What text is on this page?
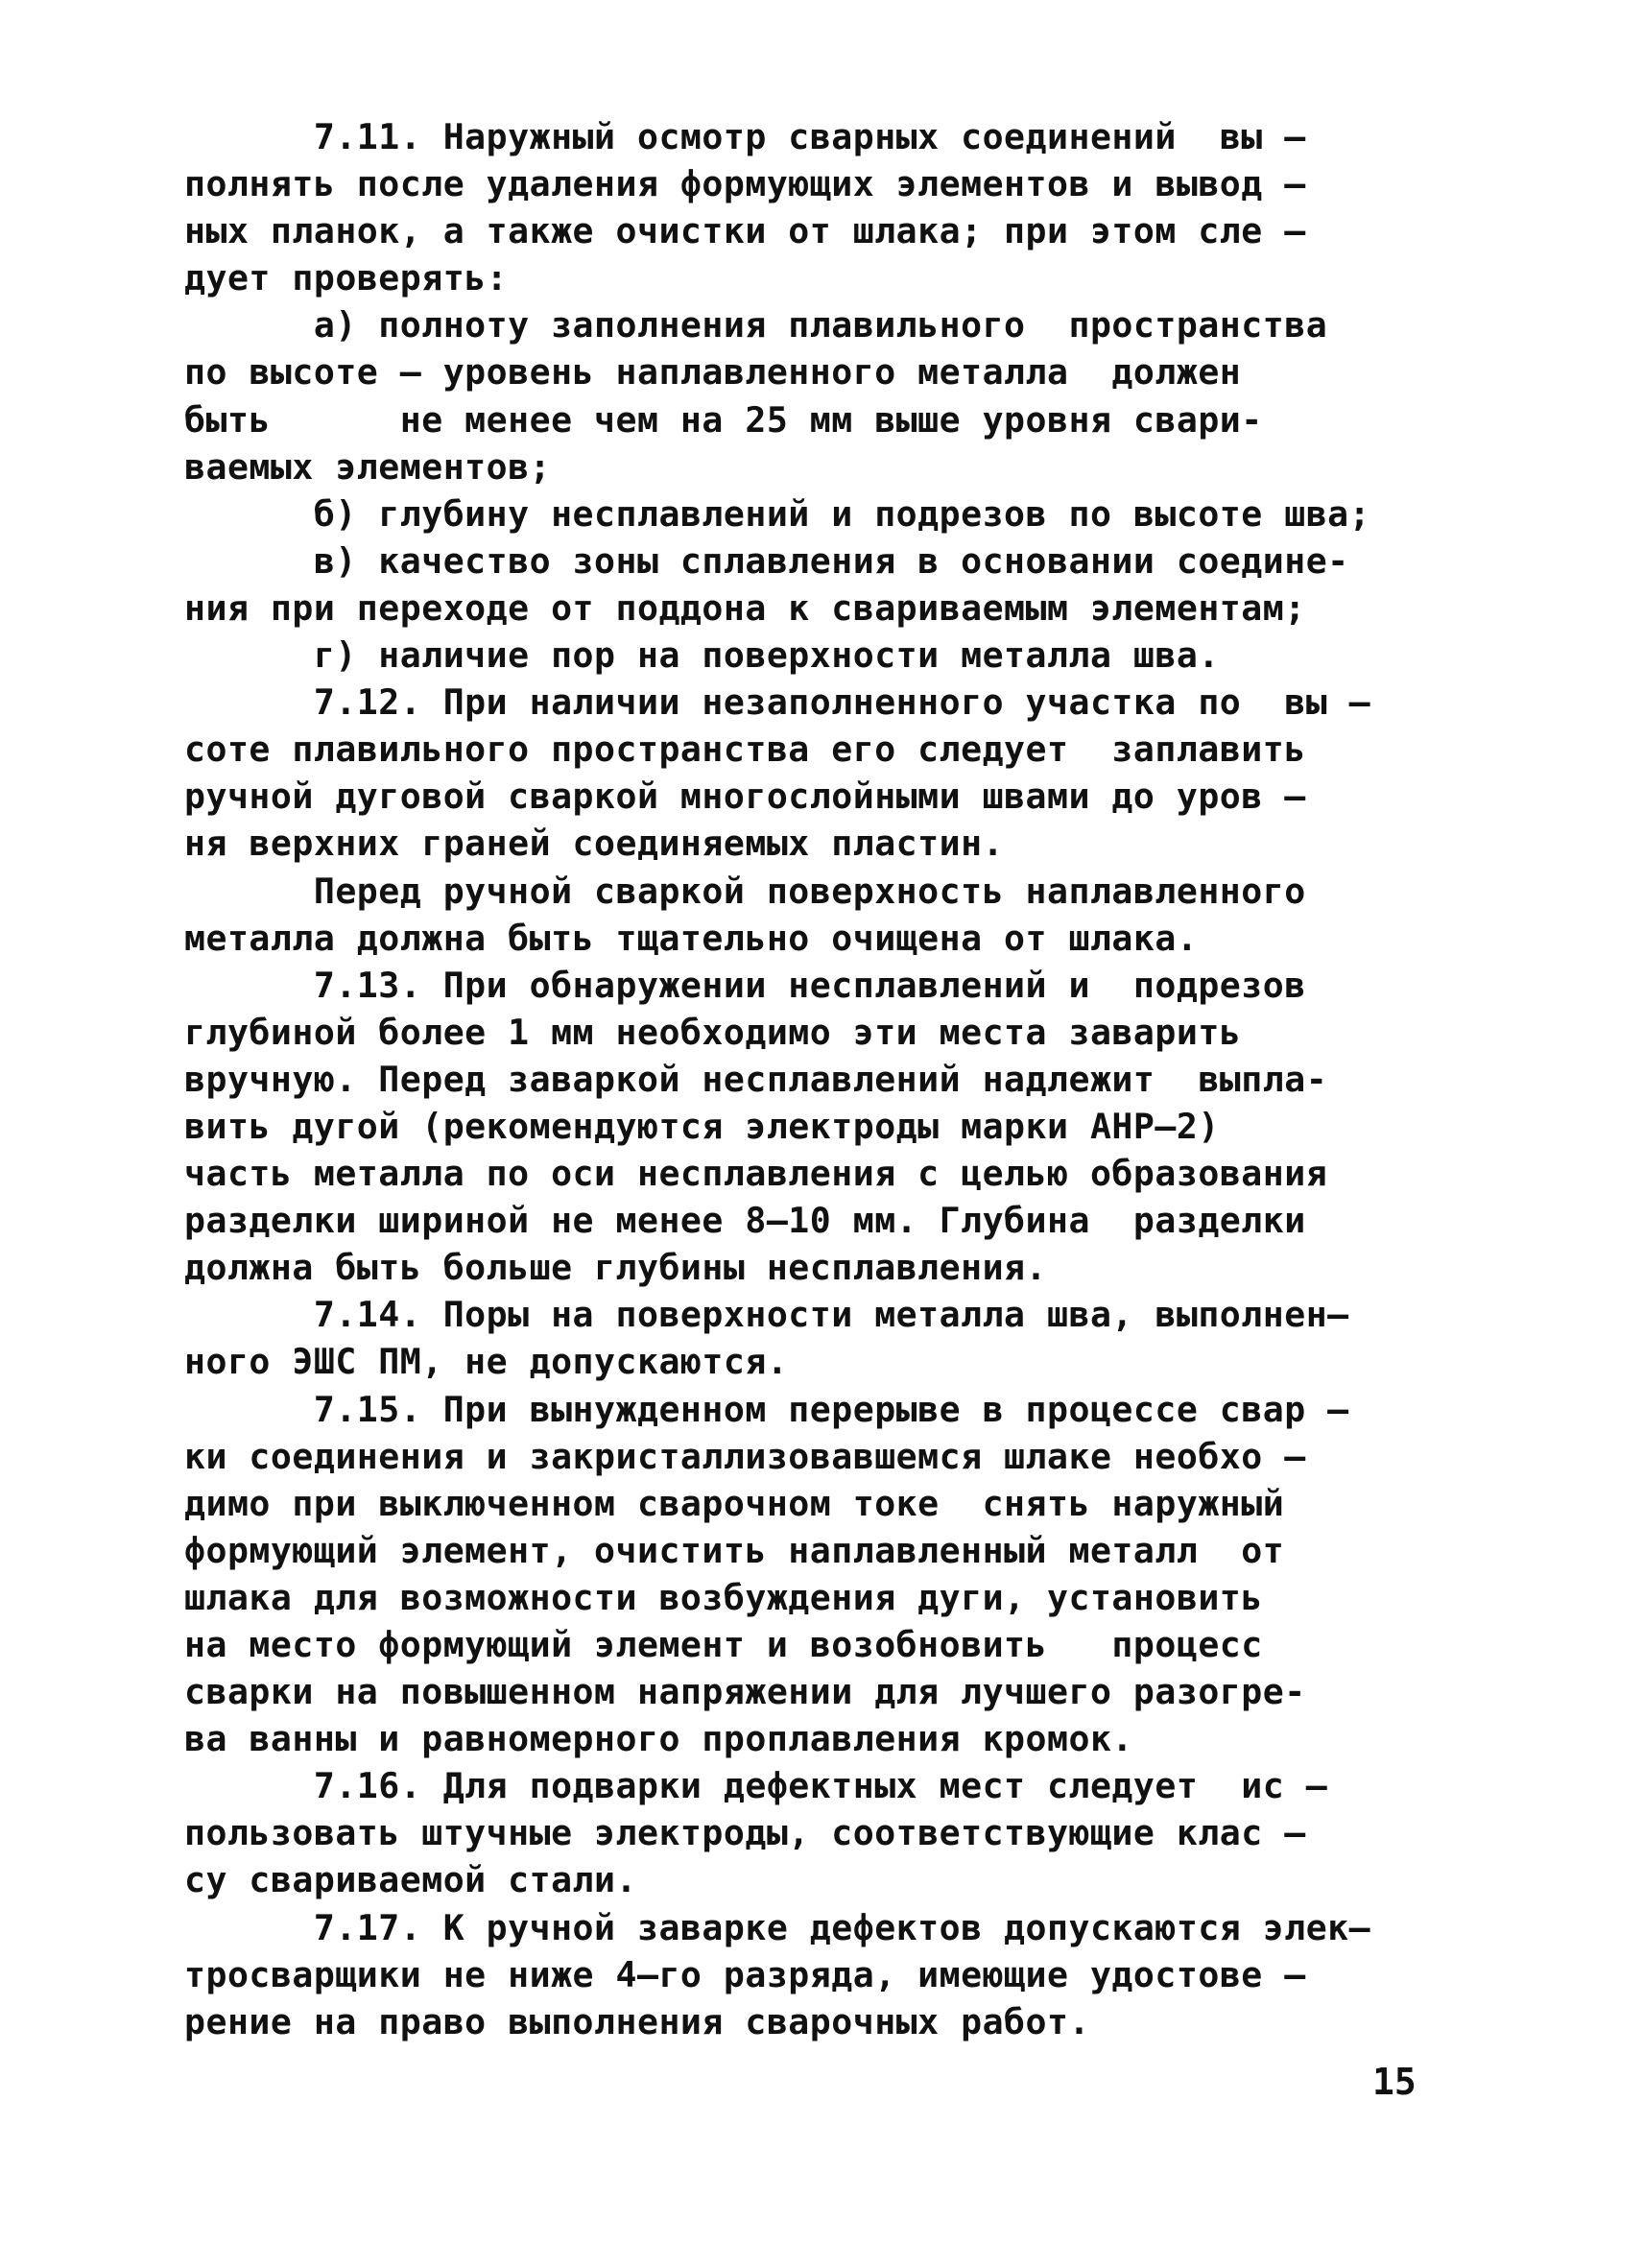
7.11. Наружный осмотр сварных соединений  вы –
полнять после удаления формующих элементов и вывод –
ных планок, а также очистки от шлака; при этом сле –
дует проверять:
а) полноту заполнения плавильного  пространства
по высоте – уровень наплавленного металла  должен
быть      не менее чем на 25 мм выше уровня свари-
ваемых элементов;
б) глубину несплавлений и подрезов по высоте шва;
в) качество зоны сплавления в основании соедине-
ния при переходе от поддона к свариваемым элементам;
г) наличие пор на поверхности металла шва.
7.12. При наличии незаполненного участка по  вы –
соте плавильного пространства его следует  заплавить
ручной дуговой сваркой многослойными швами до уров –
ня верхних граней соединяемых пластин.
Перед ручной сваркой поверхность наплавленного
металла должна быть тщательно очищена от шлака.
7.13. При обнаружении несплавлений и  подрезов
глубиной более 1 мм необходимо эти места заварить
вручную. Перед заваркой несплавлений надлежит  выпла-
вить дугой (рекомендуются электроды марки АНР–2)
часть металла по оси несплавления с целью образования
разделки шириной не менее 8–10 мм. Глубина  разделки
должна быть больше глубины несплавления.
7.14. Поры на поверхности металла шва, выполнен–
ного ЭШС ПМ, не допускаются.
7.15. При вынужденном перерыве в процессе свар –
ки соединения и закристаллизовавшемся шлаке необхо –
димо при выключенном сварочном токе  снять наружный
формующий элемент, очистить наплавленный металл  от
шлака для возможности возбуждения дуги, установить
на место формующий элемент и возобновить   процесс
сварки на повышенном напряжении для лучшего разогре-
ва ванны и равномерного проплавления кромок.
7.16. Для подварки дефектных мест следует  ис –
пользовать штучные электроды, соответствующие клас –
су свариваемой стали.
7.17. К ручной заварке дефектов допускаются элек–
тросварщики не ниже 4–го разряда, имеющие удостове –
рение на право выполнения сварочных работ.
15
